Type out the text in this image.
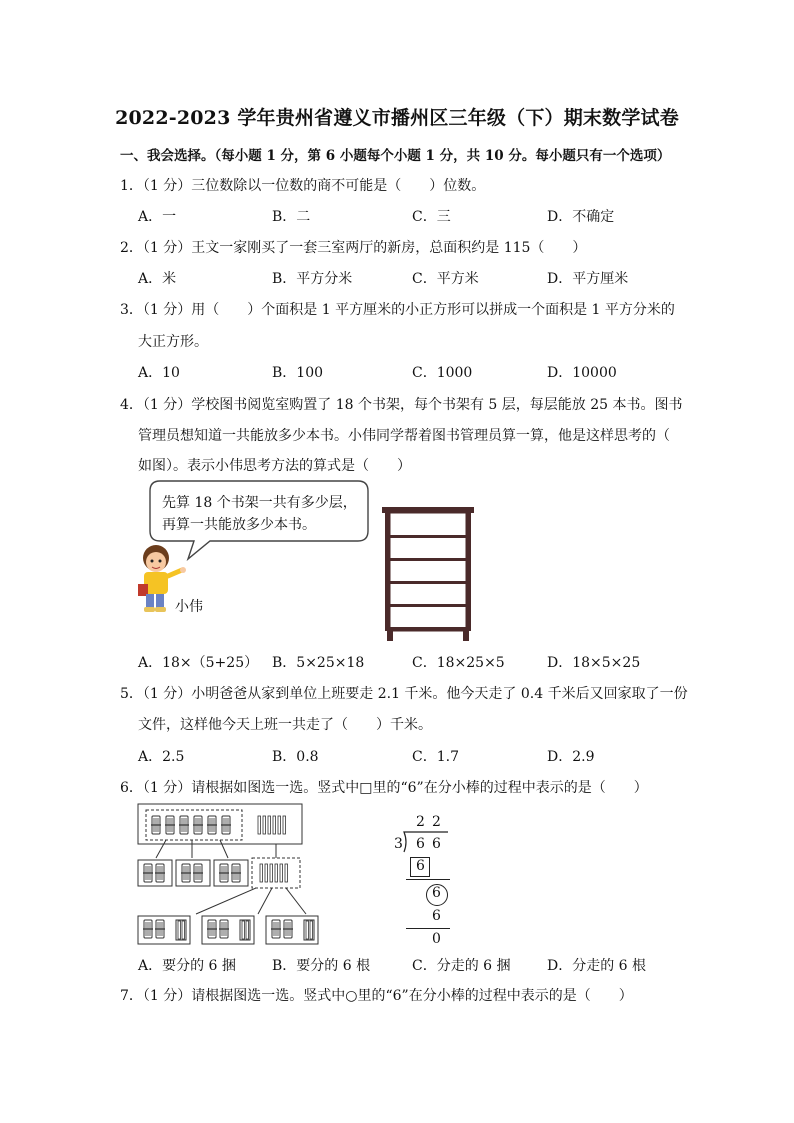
2022-2023 学年贵州省遵义市播州区三年级（下）期末数学试卷
一、我会选择。（每小题 1 分，第 6 小题每个小题 1 分，共 10 分。每小题只有一个选项）
1．（1 分）三位数除以一位数的商不可能是（　　）位数。
A．一	B．二	C．三	D．不确定
2．（1 分）王文一家刚买了一套三室两厅的新房，总面积约是 115（　　）
A．米	B．平方分米	C．平方米	D．平方厘米
3．（1 分）用（　　）个面积是 1 平方厘米的小正方形可以拼成一个面积是 1 平方分米的
大正方形。
A．10	B．100	C．1000	D．10000
4．（1 分）学校图书阅览室购置了 18 个书架，每个书架有 5 层，每层能放 25 本书。图书
管理员想知道一共能放多少本书。小伟同学帮着图书管理员算一算，他是这样思考的（
如图）。表示小伟思考方法的算式是（　　）
先算 18 个书架一共有多少层，
再算一共能放多少本书。
小伟
A．18×（5+25） B．5×25×18	C．18×25×5	D．18×5×25
5．（1 分）小明爸爸从家到单位上班要走 2.1 千米。他今天走了 0.4 千米后又回家取了一份
文件，这样他今天上班一共走了（　　）千米。
A．2.5	B．0.8	C．1.7	D．2.9
6．（1 分）请根据如图选一选。竖式中□里的“6”在分小棒的过程中表示的是（　　）
2 2
3 6 6
6
6
6
0
A．要分的 6 捆	B．要分的 6 根	C．分走的 6 捆	D．分走的 6 根
7．（1 分）请根据图选一选。竖式中○里的“6”在分小棒的过程中表示的是（　　）
